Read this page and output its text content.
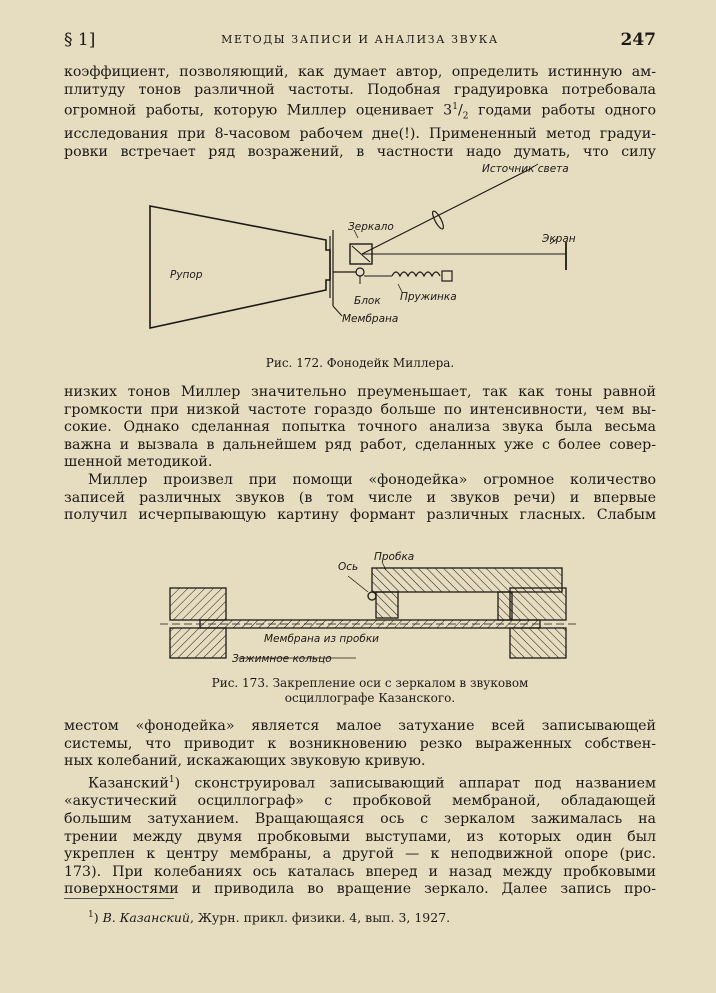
§ 1]	МЕТОДЫ ЗАПИСИ И АНАЛИЗА ЗВУКА	247

коэффициент, позволяющий, как думает автор, определить истинную ам-

плитуду тонов различной частоты. Подобная градуировка потребовала

огромной работы, которую Миллер оценивает $3^1/_2$ годами работы одного

исследования при 8-часовом рабочем дне(!). Примененный метод градуи-

ровки встречает ряд возражений, в частности надо думать, что силу

Источник света
Зеркало
Экран
Рупор
Пружинка
Блок
Мембрана
Рис. 172. Фонодейк Миллера.

низких тонов Миллер значительно преуменьшает, так как тоны равной

громкости при низкой частоте гораздо больше по интенсивности, чем вы-

сокие. Однако сделанная попытка точного анализа звука была весьма

важна и вызвала в дальнейшем ряд работ, сделанных уже с более совер-

шенной методикой.

Миллер произвел при помощи «фонодейка» огромное количество

записей различных звуков (в том числе и звуков речи) и впервые

получил исчерпывающую картину формант различных гласных. Слабым

Пробка
Ось
Мембрана из пробки
Зажимное кольцо
Рис. 173. Закрепление оси с зеркалом в звуковом
осциллографе Казанского.

местом «фонодейка» является малое затухание всей записывающей

системы, что приводит к возникновению резко выраженных собствен-

ных колебаний, искажающих звуковую кривую.

Казанский$^1$) сконструировал записывающий аппарат под названием

«акустический осциллограф» с пробковой мембраной, обладающей

большим затуханием. Вращающаяся ось с зеркалом зажималась на

трении между двумя пробковыми выступами, из которых один был

укреплен к центру мембраны, а другой — к неподвижной опоре (рис.

173). При колебаниях ось каталась вперед и назад между пробковыми

поверхностями и приводила во вращение зеркало. Далее запись про-

$^1$) В. Казанский, Журн. прикл. физики. 4, вып. 3, 1927.
